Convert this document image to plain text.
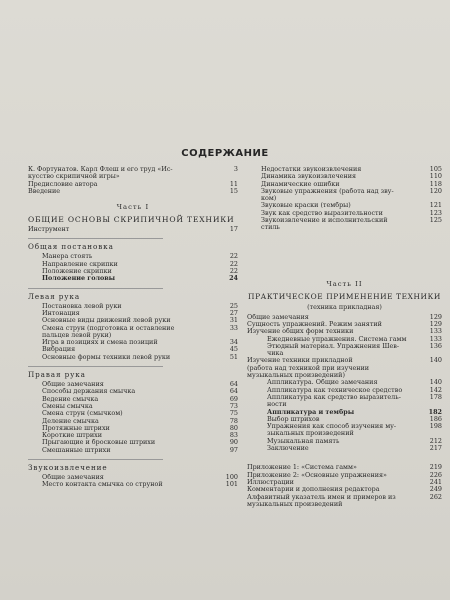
СОДЕРЖАНИЕ
К. Фортунатов. Карл Флеш и его труд «Ис-
кусство скрипичной игры»
3
Предисловие автора	11
Введение	15
Часть I
ОБЩИЕ ОСНОВЫ СКРИПИЧНОЙ ТЕХНИКИ
Инструмент	17
Общая постановка
Манера стоять	22
Направление скрипки	22
Положение скрипки	22
Положение головы	24
Левая рука
Постановка левой руки	25
Интонация	27
Основные виды движений левой руки	31
Смена струн (подготовка и оставление
пальцев левой руки)
33
Игра в позициях и смена позиций	34
Вибрация	45
Основные формы техники левой руки	51
Правая рука
Общие замечания	64
Способы держания смычка	64
Ведение смычка	69
Смены смычка	73
Смена струн (смычком)	75
Деление смычка	78
Протяжные штрихи	80
Короткие штрихи	83
Прыгающие и бросковые штрихи	90
Смешанные штрихи	97
Звукоизвлечение
Общие замечания	100
Место контакта смычка со струной	101
Недостатки звукоизвлечения	105
Динамика звукоизвлечения	110
Динамические ошибки	118
Звуковые упражнения (работа над зву-
ком)
120
Звуковые краски (тембры)	121
Звук как средство выразительности	123
Звукоизвлечение и исполнительский
стиль
125
Часть II
ПРАКТИЧЕСКОЕ ПРИМЕНЕНИЕ ТЕХНИКИ
(техника прикладная)
Общие замечания	129
Сущность упражнений. Режим занятий	129
Изучение общих форм техники	133
Ежедневные упражнения. Система гамм	133
Этюдный материал. Упражнения Шев-
чика
136
Изучение техники прикладной
(работа над техникой при изучении
музыкальных произведений)
140
Аппликатура. Общие замечания	140
Аппликатура как техническое средство	142
Аппликатура как средство выразитель-
ности
178
Аппликатура и тембры	182
Выбор штрихов	186
Упражнения как способ изучения му-
зыкальных произведений
198
Музыкальная память	212
Заключение	217
Приложение 1: «Система гамм»	219
Приложение 2: «Основные упражнения»	226
Иллюстрации	241
Комментарии и дополнения редактора	249
Алфавитный указатель имен и примеров из
музыкальных произведений
262
